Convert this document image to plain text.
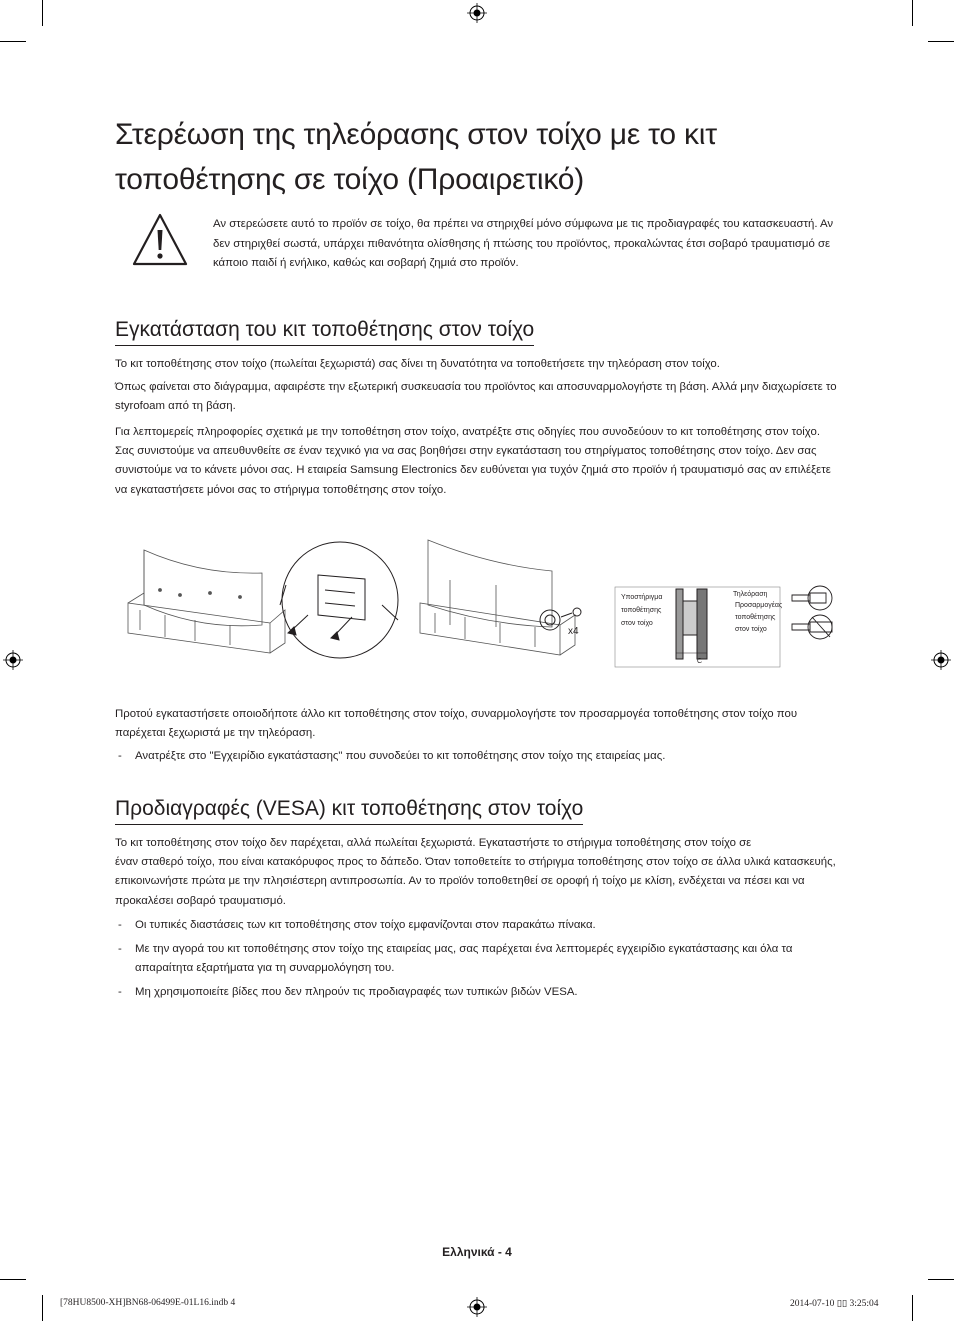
Στερέωση της τηλεόρασης στον τοίχο με το κιτ
τοποθέτησης σε τοίχο (Προαιρετικό)

Αν στερεώσετε αυτό το προϊόν σε τοίχο, θα πρέπει να στηριχθεί μόνο σύμφωνα με τις προδιαγραφές του κατασκευαστή. Αν δεν στηριχθεί σωστά, υπάρχει πιθανότητα ολίσθησης ή πτώσης του προϊόντος, προκαλώντας έτσι σοβαρό τραυματισμό σε κάποιο παιδί ή ενήλικο, καθώς και σοβαρή ζημιά στο προϊόν.

Εγκατάσταση του κιτ τοποθέτησης στον τοίχο

Το κιτ τοποθέτησης στον τοίχο (πωλείται ξεχωριστά) σας δίνει τη δυνατότητα να τοποθετήσετε την τηλεόραση στον τοίχο.

Όπως φαίνεται στο διάγραμμα, αφαιρέστε την εξωτερική συσκευασία του προϊόντος και αποσυναρμολογήστε τη βάση. Αλλά μην διαχωρίσετε το styrofoam από τη βάση.

Για λεπτομερείς πληροφορίες σχετικά με την τοποθέτηση στον τοίχο, ανατρέξτε στις οδηγίες που συνοδεύουν το κιτ τοποθέτησης στον τοίχο. Σας συνιστούμε να απευθυνθείτε σε έναν τεχνικό για να σας βοηθήσει στην εγκατάσταση του στηρίγματος τοποθέτησης στον τοίχο. Δεν σας συνιστούμε να το κάνετε μόνοι σας. Η εταιρεία Samsung Electronics δεν ευθύνεται για τυχόν ζημιά στο προϊόν ή τραυματισμό σας αν επιλέξετε να εγκαταστήσετε μόνοι σας το στήριγμα τοποθέτησης στον τοίχο.

x4
Υποστήριγμα
τοποθέτησης
στον τοίχο
Τηλεόραση
Προσαρμογέας
τοποθέτησης
στον τοίχο
C

Προτού εγκαταστήσετε οποιοδήποτε άλλο κιτ τοποθέτησης στον τοίχο, συναρμολογήστε τον προσαρμογέα τοποθέτησης στον τοίχο που παρέχεται ξεχωριστά με την τηλεόραση.

- Ανατρέξτε στο "Εγχειρίδιο εγκατάστασης" που συνοδεύει το κιτ τοποθέτησης στον τοίχο της εταιρείας μας.
Προδιαγραφές (VESA) κιτ τοποθέτησης στον τοίχο

Το κιτ τοποθέτησης στον τοίχο δεν παρέχεται, αλλά πωλείται ξεχωριστά. Εγκαταστήστε το στήριγμα τοποθέτησης στον τοίχο σε
έναν σταθερό τοίχο, που είναι κατακόρυφος προς το δάπεδο. Όταν τοποθετείτε το στήριγμα τοποθέτησης στον τοίχο σε άλλα υλικά κατασκευής, επικοινωνήστε πρώτα με την πλησιέστερη αντιπροσωπία. Αν το προϊόν τοποθετηθεί σε οροφή ή τοίχο με κλίση, ενδέχεται να πέσει και να προκαλέσει σοβαρό τραυματισμό.

- Οι τυπικές διαστάσεις των κιτ τοποθέτησης στον τοίχο εμφανίζονται στον παρακάτω πίνακα.
- Με την αγορά του κιτ τοποθέτησης στον τοίχο της εταιρείας μας, σας παρέχεται ένα λεπτομερές εγχειρίδιο εγκατάστασης και όλα τα απαραίτητα εξαρτήματα για τη συναρμολόγηση του.
- Μη χρησιμοποιείτε βίδες που δεν πληρούν τις προδιαγραφές των τυπικών βιδών VESA.
Ελληνικά - 4
[78HU8500-XH]BN68-06499E-01L16.indb 4	2014-07-10 ▯▯ 3:25:04
